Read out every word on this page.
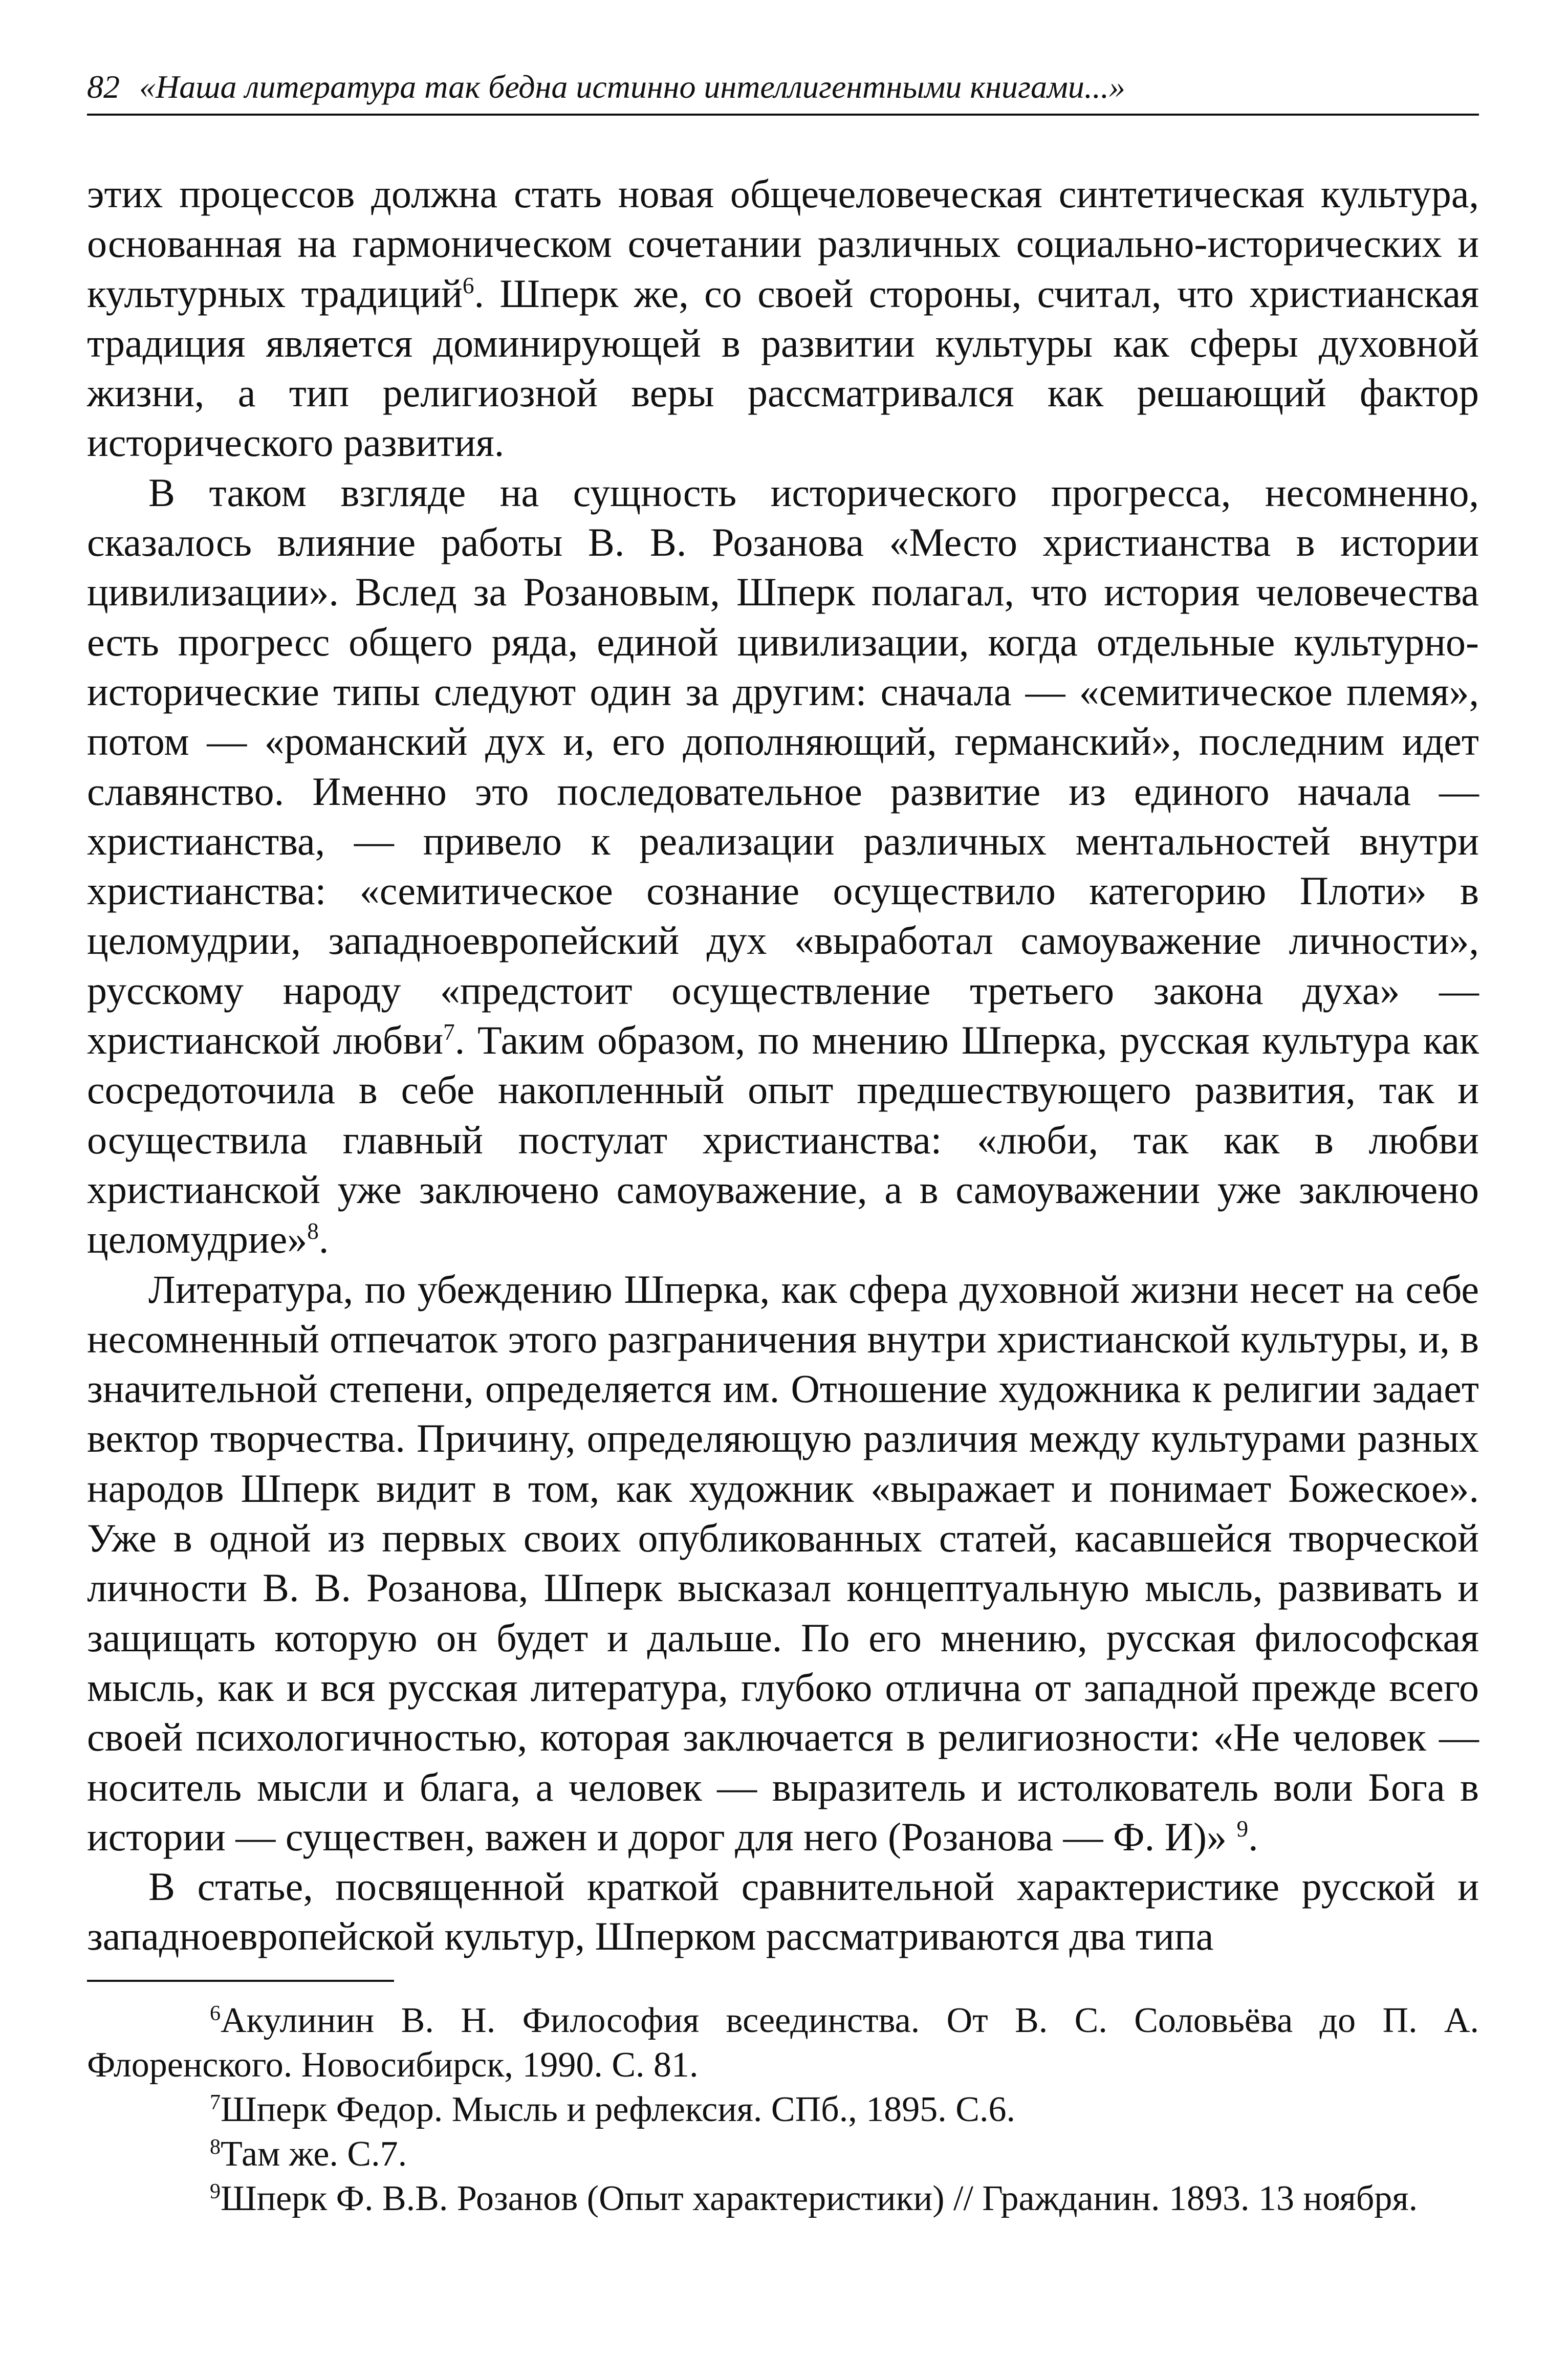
82 «Наша литература так бедна истинно интеллигентными книгами...»

этих процессов должна стать новая общечеловеческая синтетическая культура, основанная на гармоническом сочетании различных социально-исторических и культурных традиций$^6$. Шперк же, со своей стороны, считал, что христианская традиция является доминирующей в развитии культуры как сферы духовной жизни, а тип религиозной веры рассматривался как решающий фактор исторического развития.

В таком взгляде на сущность исторического прогресса, несомненно, сказалось влияние работы В. В. Розанова «Место христианства в истории цивилизации». Вслед за Розановым, Шперк полагал, что история человечества есть прогресс общего ряда, единой цивилизации, когда отдельные культурно-исторические типы следуют один за другим: сначала — «семитическое племя», потом — «романский дух и, его дополняющий, германский», последним идет славянство. Именно это последовательное развитие из единого начала — христианства, — привело к реализации различных ментальностей внутри христианства: «семитическое сознание осуществило категорию Плоти» в целомудрии, западноевропейский дух «выработал самоуважение личности», русскому народу «предстоит осуществление третьего закона духа» — христианской любви$^7$. Таким образом, по мнению Шперка, русская культура как сосредоточила в себе накопленный опыт предшествующего развития, так и осуществила главный постулат христианства: «люби, так как в любви христианской уже заключено самоуважение, а в самоуважении уже заключено целомудрие»$^8$.

Литература, по убеждению Шперка, как сфера духовной жизни несет на себе несомненный отпечаток этого разграничения внутри христианской культуры, и, в значительной степени, определяется им. Отношение художника к религии задает вектор творчества. Причину, определяющую различия между культурами разных народов Шперк видит в том, как художник «выражает и понимает Божеское». Уже в одной из первых своих опубликованных статей, касавшейся творческой личности В. В. Розанова, Шперк высказал концептуальную мысль, развивать и защищать которую он будет и дальше. По его мнению, русская философская мысль, как и вся русская литература, глубоко отлична от западной прежде всего своей психологичностью, которая заключается в религиозности: «Не человек — носитель мысли и блага, а человек — выразитель и истолкователь воли Бога в истории — существен, важен и дорог для него (Розанова — Ф. И)» $^9$.

В статье, посвященной краткой сравнительной характеристике русской и западноевропейской культур, Шперком рассматриваются два типа

6Акулинин В. Н. Философия всеединства. От В. С. Соловьёва до П. А. Флоренского. Новосибирск, 1990. С. 81.

7Шперк Федор. Мысль и рефлексия. СПб., 1895. С.6.

8Там же. С.7.

9Шперк Ф. В.В. Розанов (Опыт характеристики) // Гражданин. 1893. 13 ноября.
